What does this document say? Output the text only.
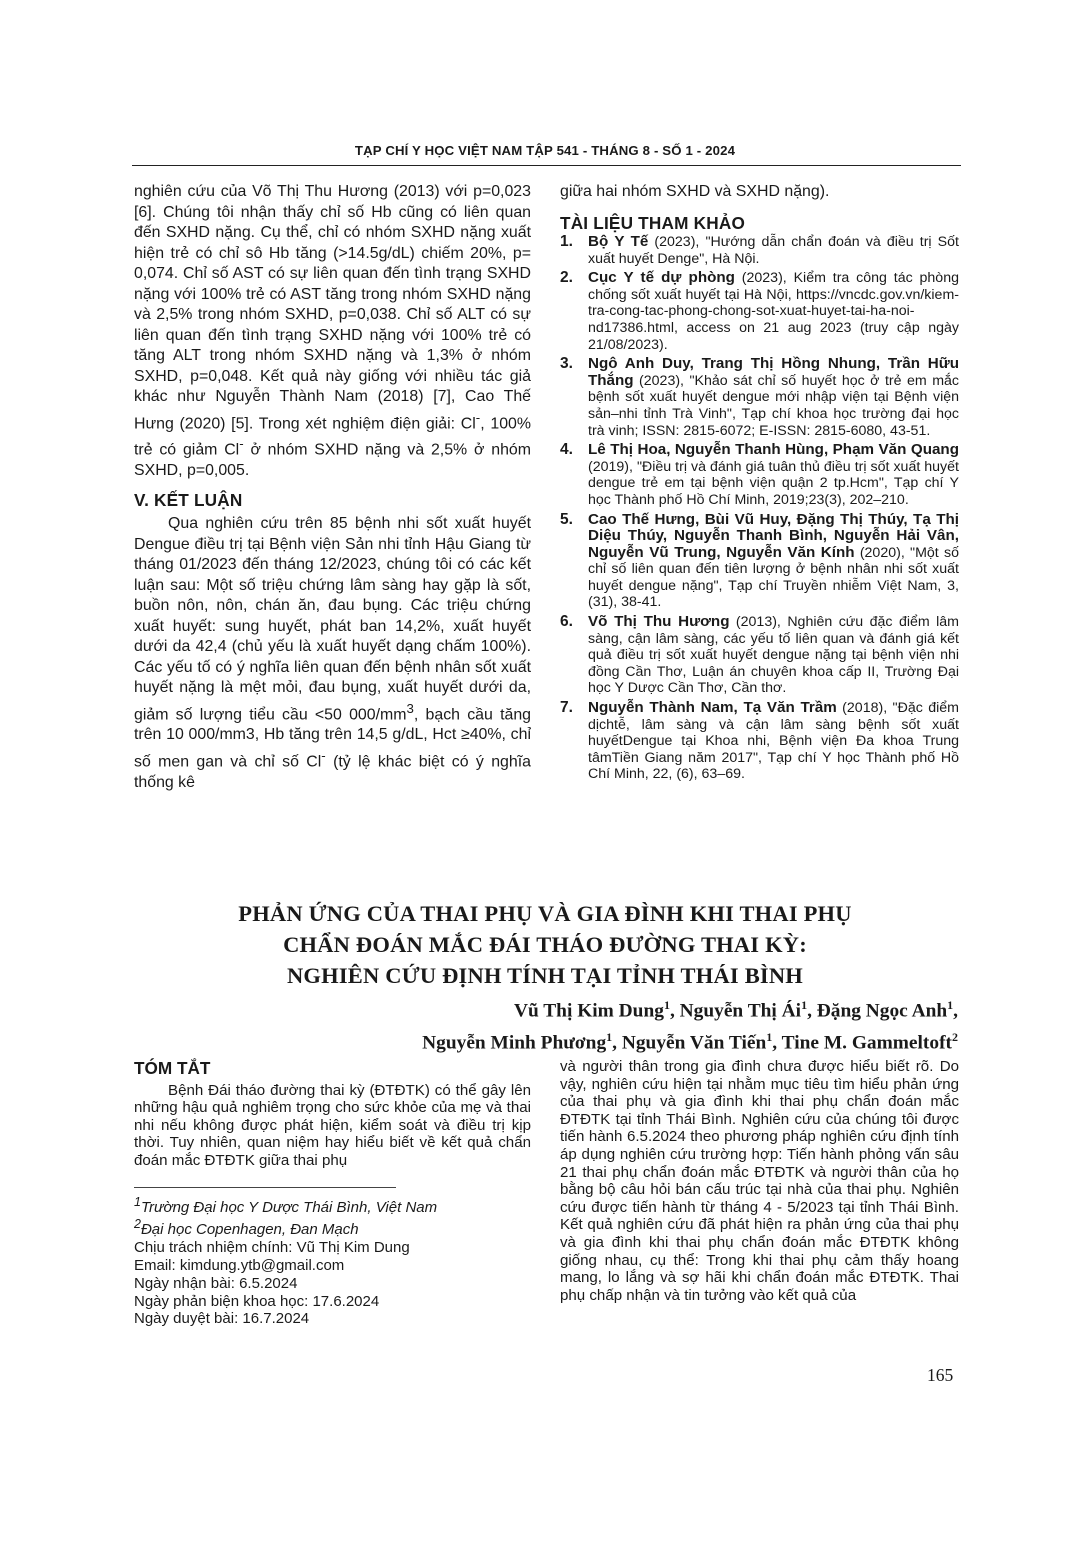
TẠP CHÍ Y HỌC VIỆT NAM TẬP 541 - THÁNG 8 - SỐ 1 - 2024

nghiên cứu của Võ Thị Thu Hương (2013) với p=0,023 [6]. Chúng tôi nhận thấy chỉ số Hb cũng có liên quan đến SXHD nặng. Cụ thể, chỉ có nhóm SXHD nặng xuất hiện trẻ có chỉ sô Hb tăng (>14.5g/dL) chiếm 20%, p= 0,074. Chỉ số AST có sự liên quan đến tình trạng SXHD nặng với 100% trẻ có AST tăng trong nhóm SXHD nặng và 2,5% trong nhóm SXHD, p=0,038. Chỉ số ALT có sự liên quan đến tình trạng SXHD nặng với 100% trẻ có tăng ALT trong nhóm SXHD nặng và 1,3% ở nhóm SXHD, p=0,048. Kết quả này giống với nhiều tác giả khác như Nguyễn Thành Nam (2018) [7], Cao Thế Hưng (2020) [5]. Trong xét nghiệm điện giải: Cl-, 100% trẻ có giảm Cl- ở nhóm SXHD nặng và 2,5% ở nhóm SXHD, p=0,005.

V. KẾT LUẬN

Qua nghiên cứu trên 85 bệnh nhi sốt xuất huyết Dengue điều trị tại Bệnh viện Sản nhi tỉnh Hậu Giang từ tháng 01/2023 đến tháng 12/2023, chúng tôi có các kết luận sau: Một số triệu chứng lâm sàng hay gặp là sốt, buồn nôn, nôn, chán ăn, đau bụng. Các triệu chứng xuất huyết: sung huyết, phát ban 14,2%, xuất huyết dưới da 42,4 (chủ yếu là xuất huyết dạng chấm 100%). Các yếu tố có ý nghĩa liên quan đến bệnh nhân sốt xuất huyết nặng là mệt mỏi, đau bụng, xuất huyết dưới da, giảm số lượng tiểu cầu <50 $000/mm^3$, bạch cầu tăng trên 10 000/mm3, Hb tăng trên 14,5 g/dL, Hct ≥40%, chỉ số men gan và chỉ số Cl- (tỷ lệ khác biệt có ý nghĩa thống kê

giữa hai nhóm SXHD và SXHD nặng).

TÀI LIỆU THAM KHẢO
1. Bộ Y Tế (2023), "Hướng dẫn chẩn đoán và điều trị Sốt xuất huyết Denge", Hà Nội.
2. Cục Y tế dự phòng (2023), Kiểm tra công tác phòng chống sốt xuất huyết tại Hà Nội, https://vncdc.gov.vn/kiem-tra-cong-tac-phong-chong-sot-xuat-huyet-tai-ha-noi-nd17386.html, access on 21 aug 2023 (truy cập ngày 21/08/2023).
3. Ngô Anh Duy, Trang Thị Hồng Nhung, Trần Hữu Thắng (2023), "Khảo sát chỉ số huyết học ở trẻ em mắc bệnh sốt xuất huyết dengue mới nhập viện tại Bệnh viện sản–nhi tỉnh Trà Vinh", Tạp chí khoa học trường đại học trà vinh; ISSN: 2815-6072; E-ISSN: 2815-6080, 43-51.
4. Lê Thị Hoa, Nguyễn Thanh Hùng, Phạm Văn Quang (2019), "Điều trị và đánh giá tuân thủ điều trị sốt xuất huyết dengue trẻ em tại bệnh viện quận 2 tp.Hcm", Tạp chí Y học Thành phố Hồ Chí Minh, 2019;23(3), 202–210.
5. Cao Thế Hưng, Bùi Vũ Huy, Đặng Thị Thúy, Tạ Thị Diệu Thúy, Nguyễn Thanh Bình, Nguyễn Hải Vân, Nguyễn Vũ Trung, Nguyễn Văn Kính (2020), "Một số chỉ số liên quan đến tiên lượng ở bệnh nhân nhi sốt xuất huyết dengue nặng", Tạp chí Truyền nhiễm Việt Nam, 3, (31), 38-41.
6. Võ Thị Thu Hương (2013), Nghiên cứu đặc điểm lâm sàng, cận lâm sàng, các yếu tố liên quan và đánh giá kết quả điều trị sốt xuất huyết dengue nặng tại bệnh viện nhi đồng Cần Thơ, Luận án chuyên khoa cấp II, Trường Đại học Y Dược Cần Thơ, Cần thơ.
7. Nguyễn Thành Nam, Tạ Văn Trầm (2018), "Đặc điểm dịchtễ, lâm sàng và cận lâm sàng bệnh sốt xuất huyếtDengue tại Khoa nhi, Bệnh viện Đa khoa Trung tâmTiền Giang năm 2017", Tạp chí Y học Thành phố Hồ Chí Minh, 22, (6), 63–69.
PHẢN ỨNG CỦA THAI PHỤ VÀ GIA ĐÌNH KHI THAI PHỤ
CHẨN ĐOÁN MẮC ĐÁI THÁO ĐƯỜNG THAI KỲ:
NGHIÊN CỨU ĐỊNH TÍNH TẠI TỈNH THÁI BÌNH
Vũ Thị Kim Dung$^1$, Nguyễn Thị $Ái^1$, Đặng Ngọc Anh$^1$,
Nguyễn Minh Phương$^1$, Nguyễn Văn Tiến$^1$, Tine M. Gammeltoft$^2$
TÓM TẮT

Bệnh Đái tháo đường thai kỳ (ĐTĐTK) có thể gây lên những hậu quả nghiêm trọng cho sức khỏe của mẹ và thai nhi nếu không được phát hiện, kiểm soát và điều trị kịp thời. Tuy nhiên, quan niệm hay hiểu biết về kết quả chẩn đoán mắc ĐTĐTK giữa thai phụ

$^1$Trường Đại học Y Dược Thái Bình, Việt Nam
$^2$Đại học Copenhagen, Đan Mạch
Chịu trách nhiệm chính: Vũ Thị Kim Dung
Email: kimdung.ytb@gmail.com
Ngày nhận bài: 6.5.2024
Ngày phản biện khoa học: 17.6.2024
Ngày duyệt bài: 16.7.2024

và người thân trong gia đình chưa được hiểu biết rõ. Do vậy, nghiên cứu hiện tại nhằm mục tiêu tìm hiểu phản ứng của thai phụ và gia đình khi thai phụ chẩn đoán mắc ĐTĐTK tại tỉnh Thái Bình. Nghiên cứu của chúng tôi được tiến hành 6.5.2024 theo phương pháp nghiên cứu định tính áp dụng nghiên cứu trường hợp: Tiến hành phỏng vấn sâu 21 thai phụ chẩn đoán mắc ĐTĐTK và người thân của họ bằng bộ câu hỏi bán cấu trúc tại nhà của thai phụ. Nghiên cứu được tiến hành từ tháng 4 - 5/2023 tại tỉnh Thái Bình. Kết quả nghiên cứu đã phát hiện ra phản ứng của thai phụ và gia đình khi thai phụ chẩn đoán mắc ĐTĐTK không giống nhau, cụ thể: Trong khi thai phụ cảm thấy hoang mang, lo lắng và sợ hãi khi chẩn đoán mắc ĐTĐTK. Thai phụ chấp nhận và tin tưởng vào kết quả của

165
